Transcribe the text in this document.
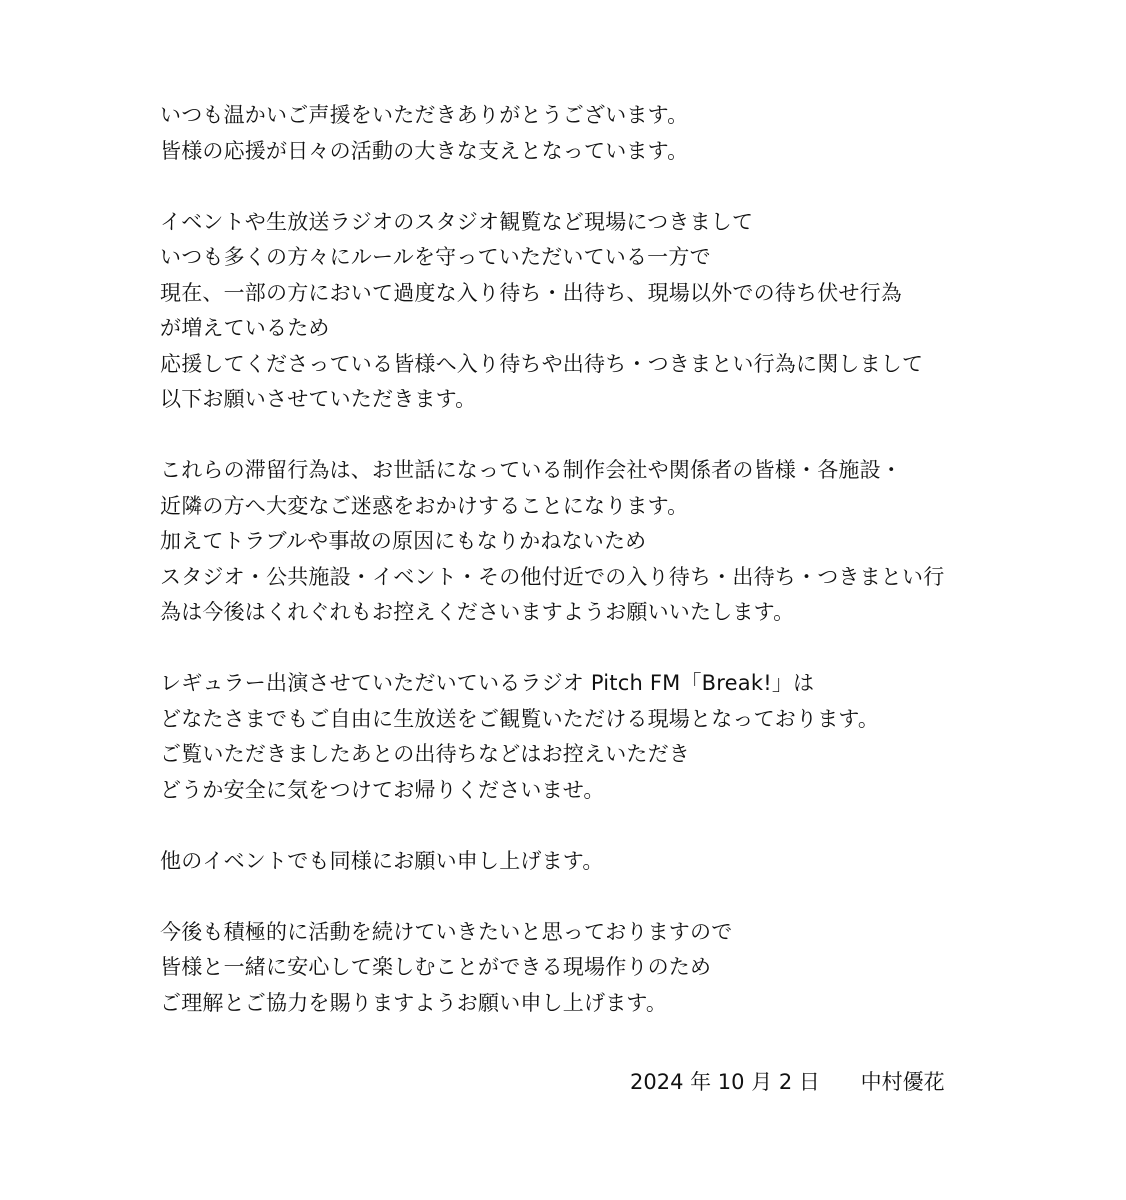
いつも温かいご声援をいただきありがとうございます。
皆様の応援が日々の活動の大きな支えとなっています。
イベントや生放送ラジオのスタジオ観覧など現場につきまして
いつも多くの方々にルールを守っていただいている一方で
現在、一部の方において過度な入り待ち・出待ち、現場以外での待ち伏せ行為
が増えているため
応援してくださっている皆様へ入り待ちや出待ち・つきまとい行為に関しまして
以下お願いさせていただきます。
これらの滞留行為は、お世話になっている制作会社や関係者の皆様・各施設・
近隣の方へ大変なご迷惑をおかけすることになります。
加えてトラブルや事故の原因にもなりかねないため
スタジオ・公共施設・イベント・その他付近での入り待ち・出待ち・つきまとい行
為は今後はくれぐれもお控えくださいますようお願いいたします。
レギュラー出演させていただいているラジオ Pitch FM「Break!」は
どなたさまでもご自由に生放送をご観覧いただける現場となっております。
ご覧いただきましたあとの出待ちなどはお控えいただき
どうか安全に気をつけてお帰りくださいませ。
他のイベントでも同様にお願い申し上げます。
今後も積極的に活動を続けていきたいと思っておりますので
皆様と一緒に安心して楽しむことができる現場作りのため
ご理解とご協力を賜りますようお願い申し上げます。
2024 年 10 月 2 日 中村優花
